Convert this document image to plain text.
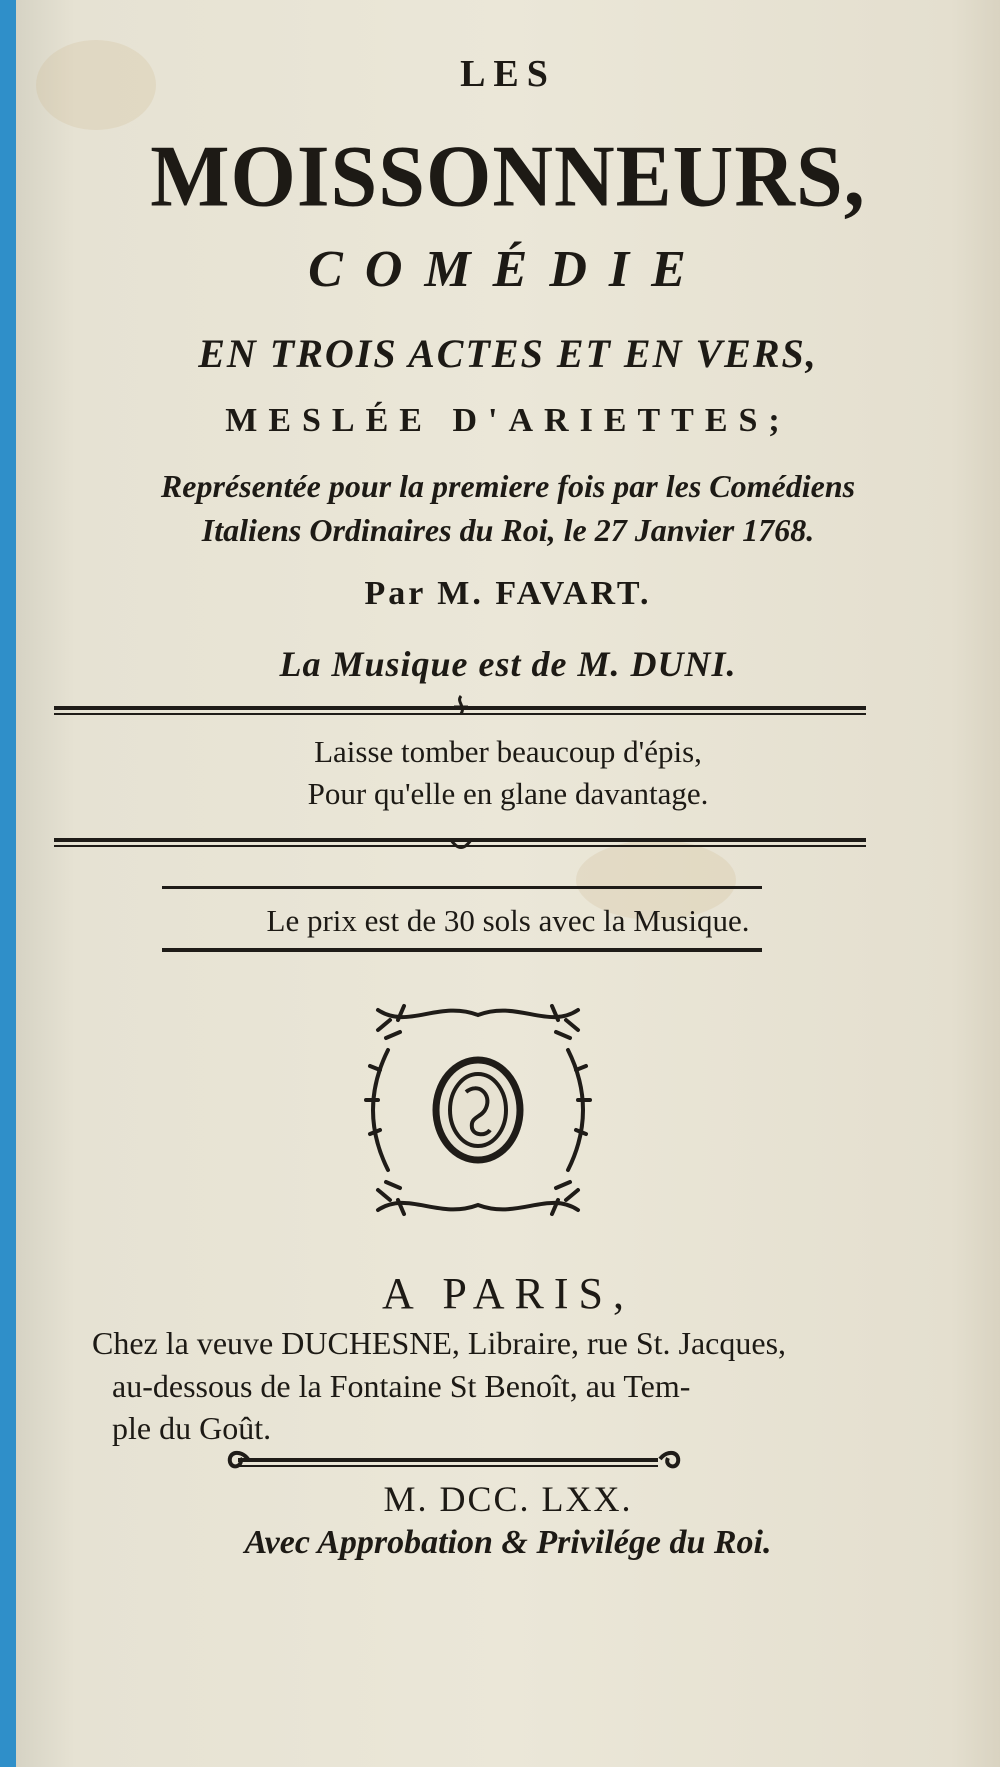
LES
MOISSONNEURS,
COMÉDIE
EN TROIS ACTES ET EN VERS,
MESLÉE D'ARIETTES;
Représentée pour la premiere fois par les Comédiens
Italiens Ordinaires du Roi, le 27 Janvier 1768.
Par M. FAVART.
La Musique est de M. DUNI.
Laisse tomber beaucoup d'épis,
Pour qu'elle en glane davantage.
Le prix est de 30 sols avec la Musique.
A PARIS,
Chez la veuve DUCHESNE, Libraire, rue St. Jacques,
au-dessous de la Fontaine St Benoît, au Tem-
ple du Goût.
M. DCC. LXX.
Avec Approbation & Privilége du Roi.
